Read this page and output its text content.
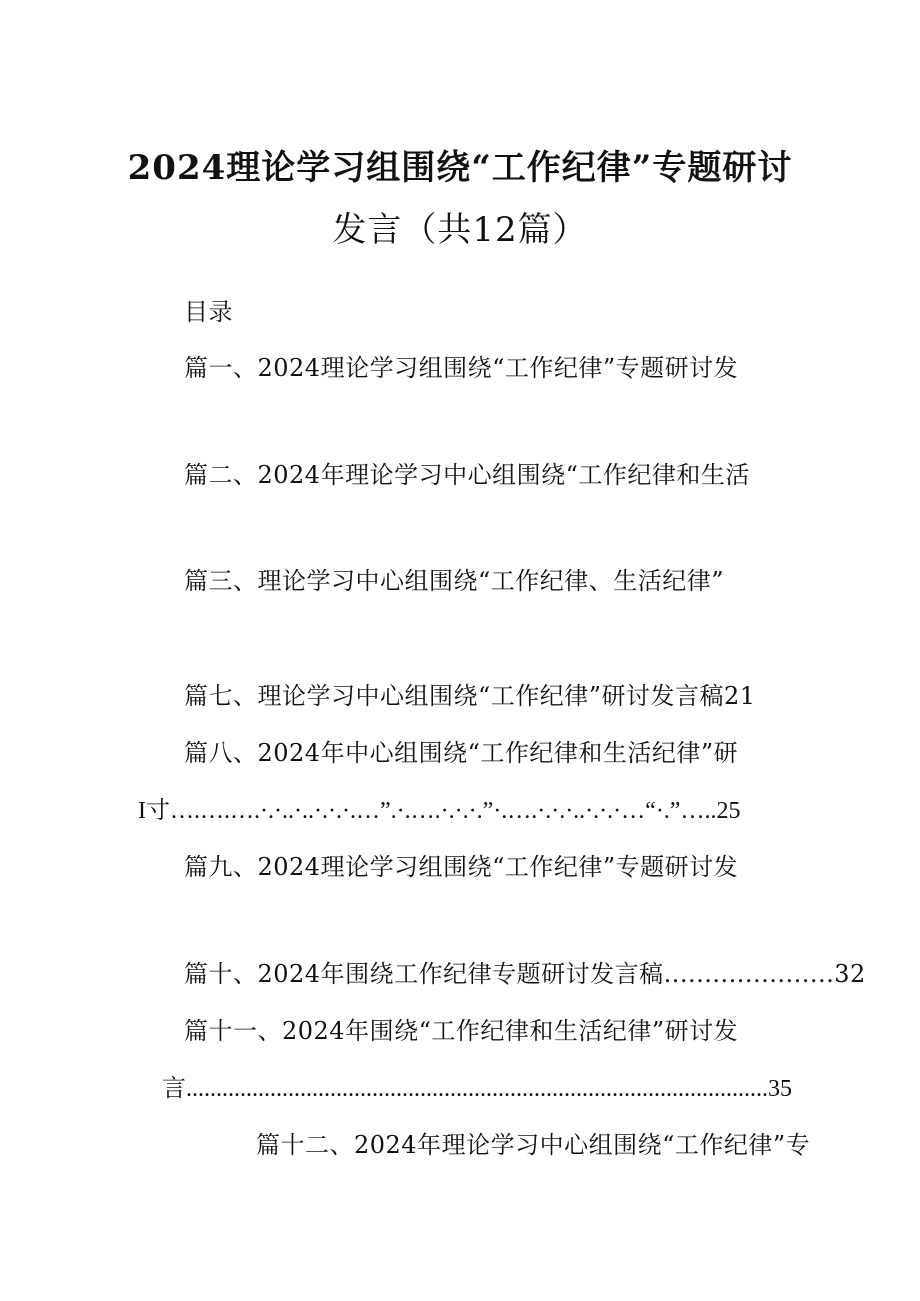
2024理论学习组围绕“工作纪律”专题研讨
发言（共12篇）
目录
篇一、2024理论学习组围绕“工作纪律”专题研讨发
篇二、2024年理论学习中心组围绕“工作纪律和生活
篇三、理论学习中心组围绕“工作纪律、生活纪律”
篇七、理论学习中心组围绕“工作纪律”研讨发言稿21
篇八、2024年中心组围绕“工作纪律和生活纪律”研
I寸….….….·.·..·..·.·.·.…”.·.….·.·.·.”·.….·.·.·..·.·.·…“·.”…..25
篇九、2024理论学习组围绕“工作纪律”专题研讨发
篇十、2024年围绕工作纪律专题研讨发言稿.....................32
篇十一、2024年围绕“工作纪律和生活纪律”研讨发
言.................................................................................................35
篇十二、2024年理论学习中心组围绕“工作纪律”专
